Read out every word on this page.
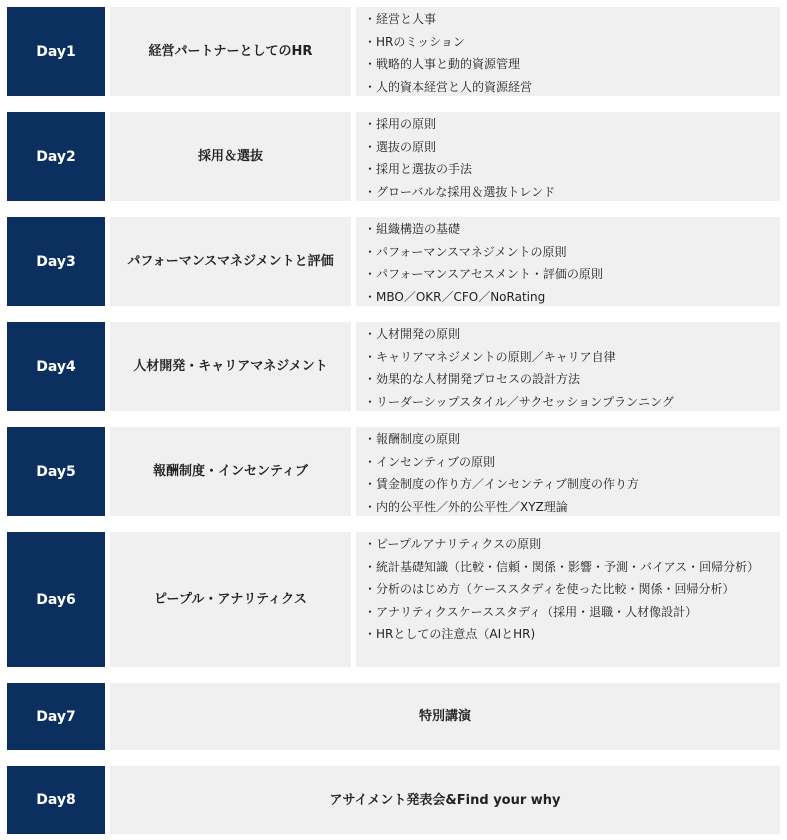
Day1	経営パートナーとしてのHR
・経営と人事
・HRのミッション
・戦略的人事と動的資源管理
・人的資本経営と人的資源経営
Day2	採用＆選抜
・採用の原則
・選抜の原則
・採用と選抜の手法
・グローバルな採用＆選抜トレンド
Day3	パフォーマンスマネジメントと評価
・組織構造の基礎
・パフォーマンスマネジメントの原則
・パフォーマンスアセスメント・評価の原則
・MBO／OKR／CFO／NoRating
Day4	人材開発・キャリアマネジメント
・人材開発の原則
・キャリアマネジメントの原則／キャリア自律
・効果的な人材開発プロセスの設計方法
・リーダーシップスタイル／サクセッションプランニング
Day5	報酬制度・インセンティブ
・報酬制度の原則
・インセンティブの原則
・賃金制度の作り方／インセンティブ制度の作り方
・内的公平性／外的公平性／XYZ理論
Day6	ピープル・アナリティクス
・ピープルアナリティクスの原則
・統計基礎知識（比較・信頼・関係・影響・予測・バイアス・回帰分析）
・分析のはじめ方（ケーススタディを使った比較・関係・回帰分析）
・アナリティクスケーススタディ（採用・退職・人材像設計）
・HRとしての注意点（AIとHR)
Day7	特別講演
Day8	アサイメント発表会&Find your why
